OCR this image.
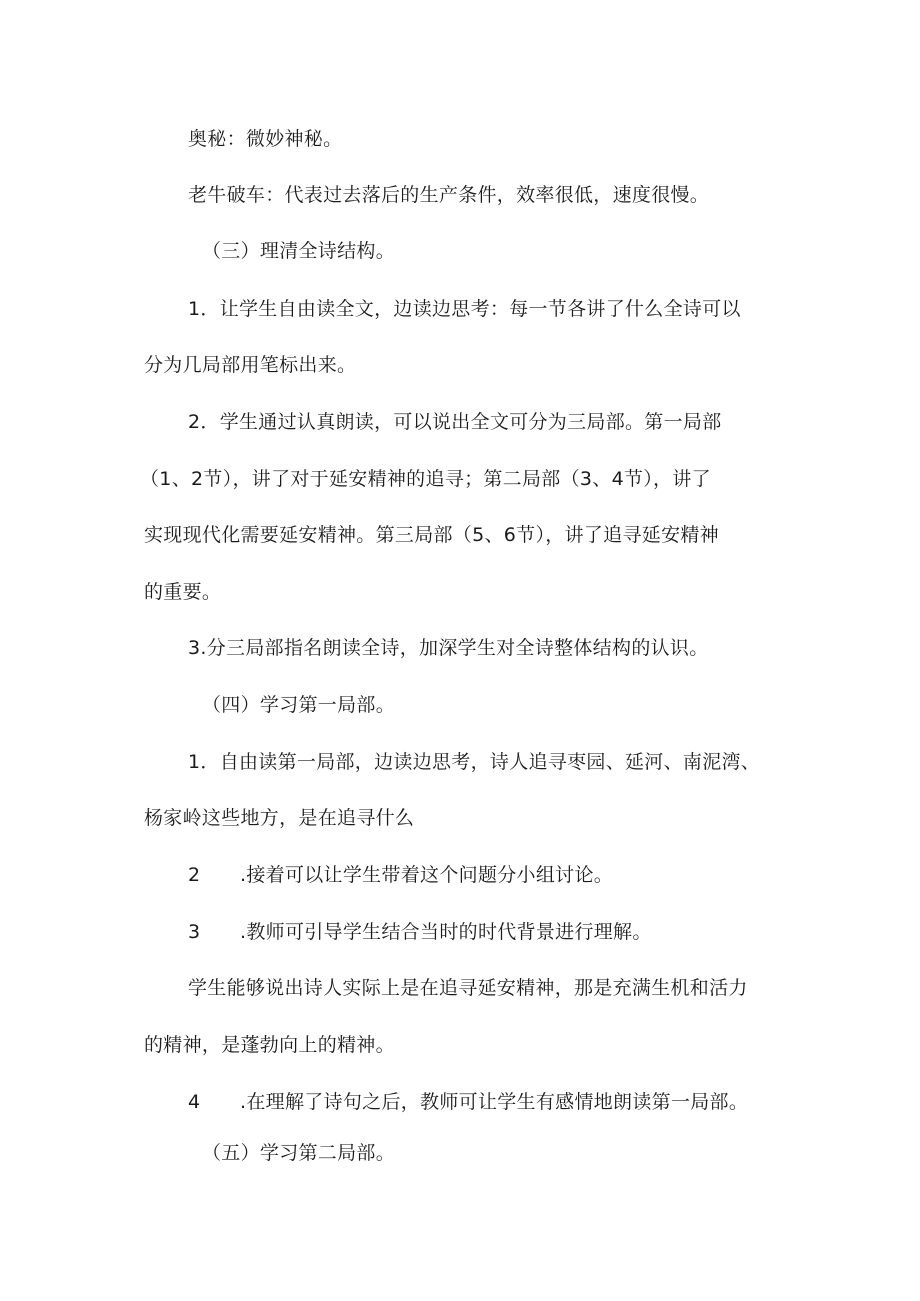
奥秘：微妙神秘。
老牛破车：代表过去落后的生产条件，效率很低，速度很慢。
（三）理清全诗结构。
1．让学生自由读全文，边读边思考：每一节各讲了什么全诗可以
分为几局部用笔标出来。
2．学生通过认真朗读，可以说出全文可分为三局部。第一局部
（1、2节），讲了对于延安精神的追寻；第二局部（3、4节），讲了
实现现代化需要延安精神。第三局部（5、6节），讲了追寻延安精神
的重要。
3.分三局部指名朗读全诗，加深学生对全诗整体结构的认识。
（四）学习第一局部。
1．自由读第一局部，边读边思考，诗人追寻枣园、延河、南泥湾、
杨家岭这些地方，是在追寻什么
2 .接着可以让学生带着这个问题分小组讨论。
3 .教师可引导学生结合当时的时代背景进行理解。
学生能够说出诗人实际上是在追寻延安精神，那是充满生机和活力
的精神，是蓬勃向上的精神。
4 .在理解了诗句之后，教师可让学生有感情地朗读第一局部。
（五）学习第二局部。
